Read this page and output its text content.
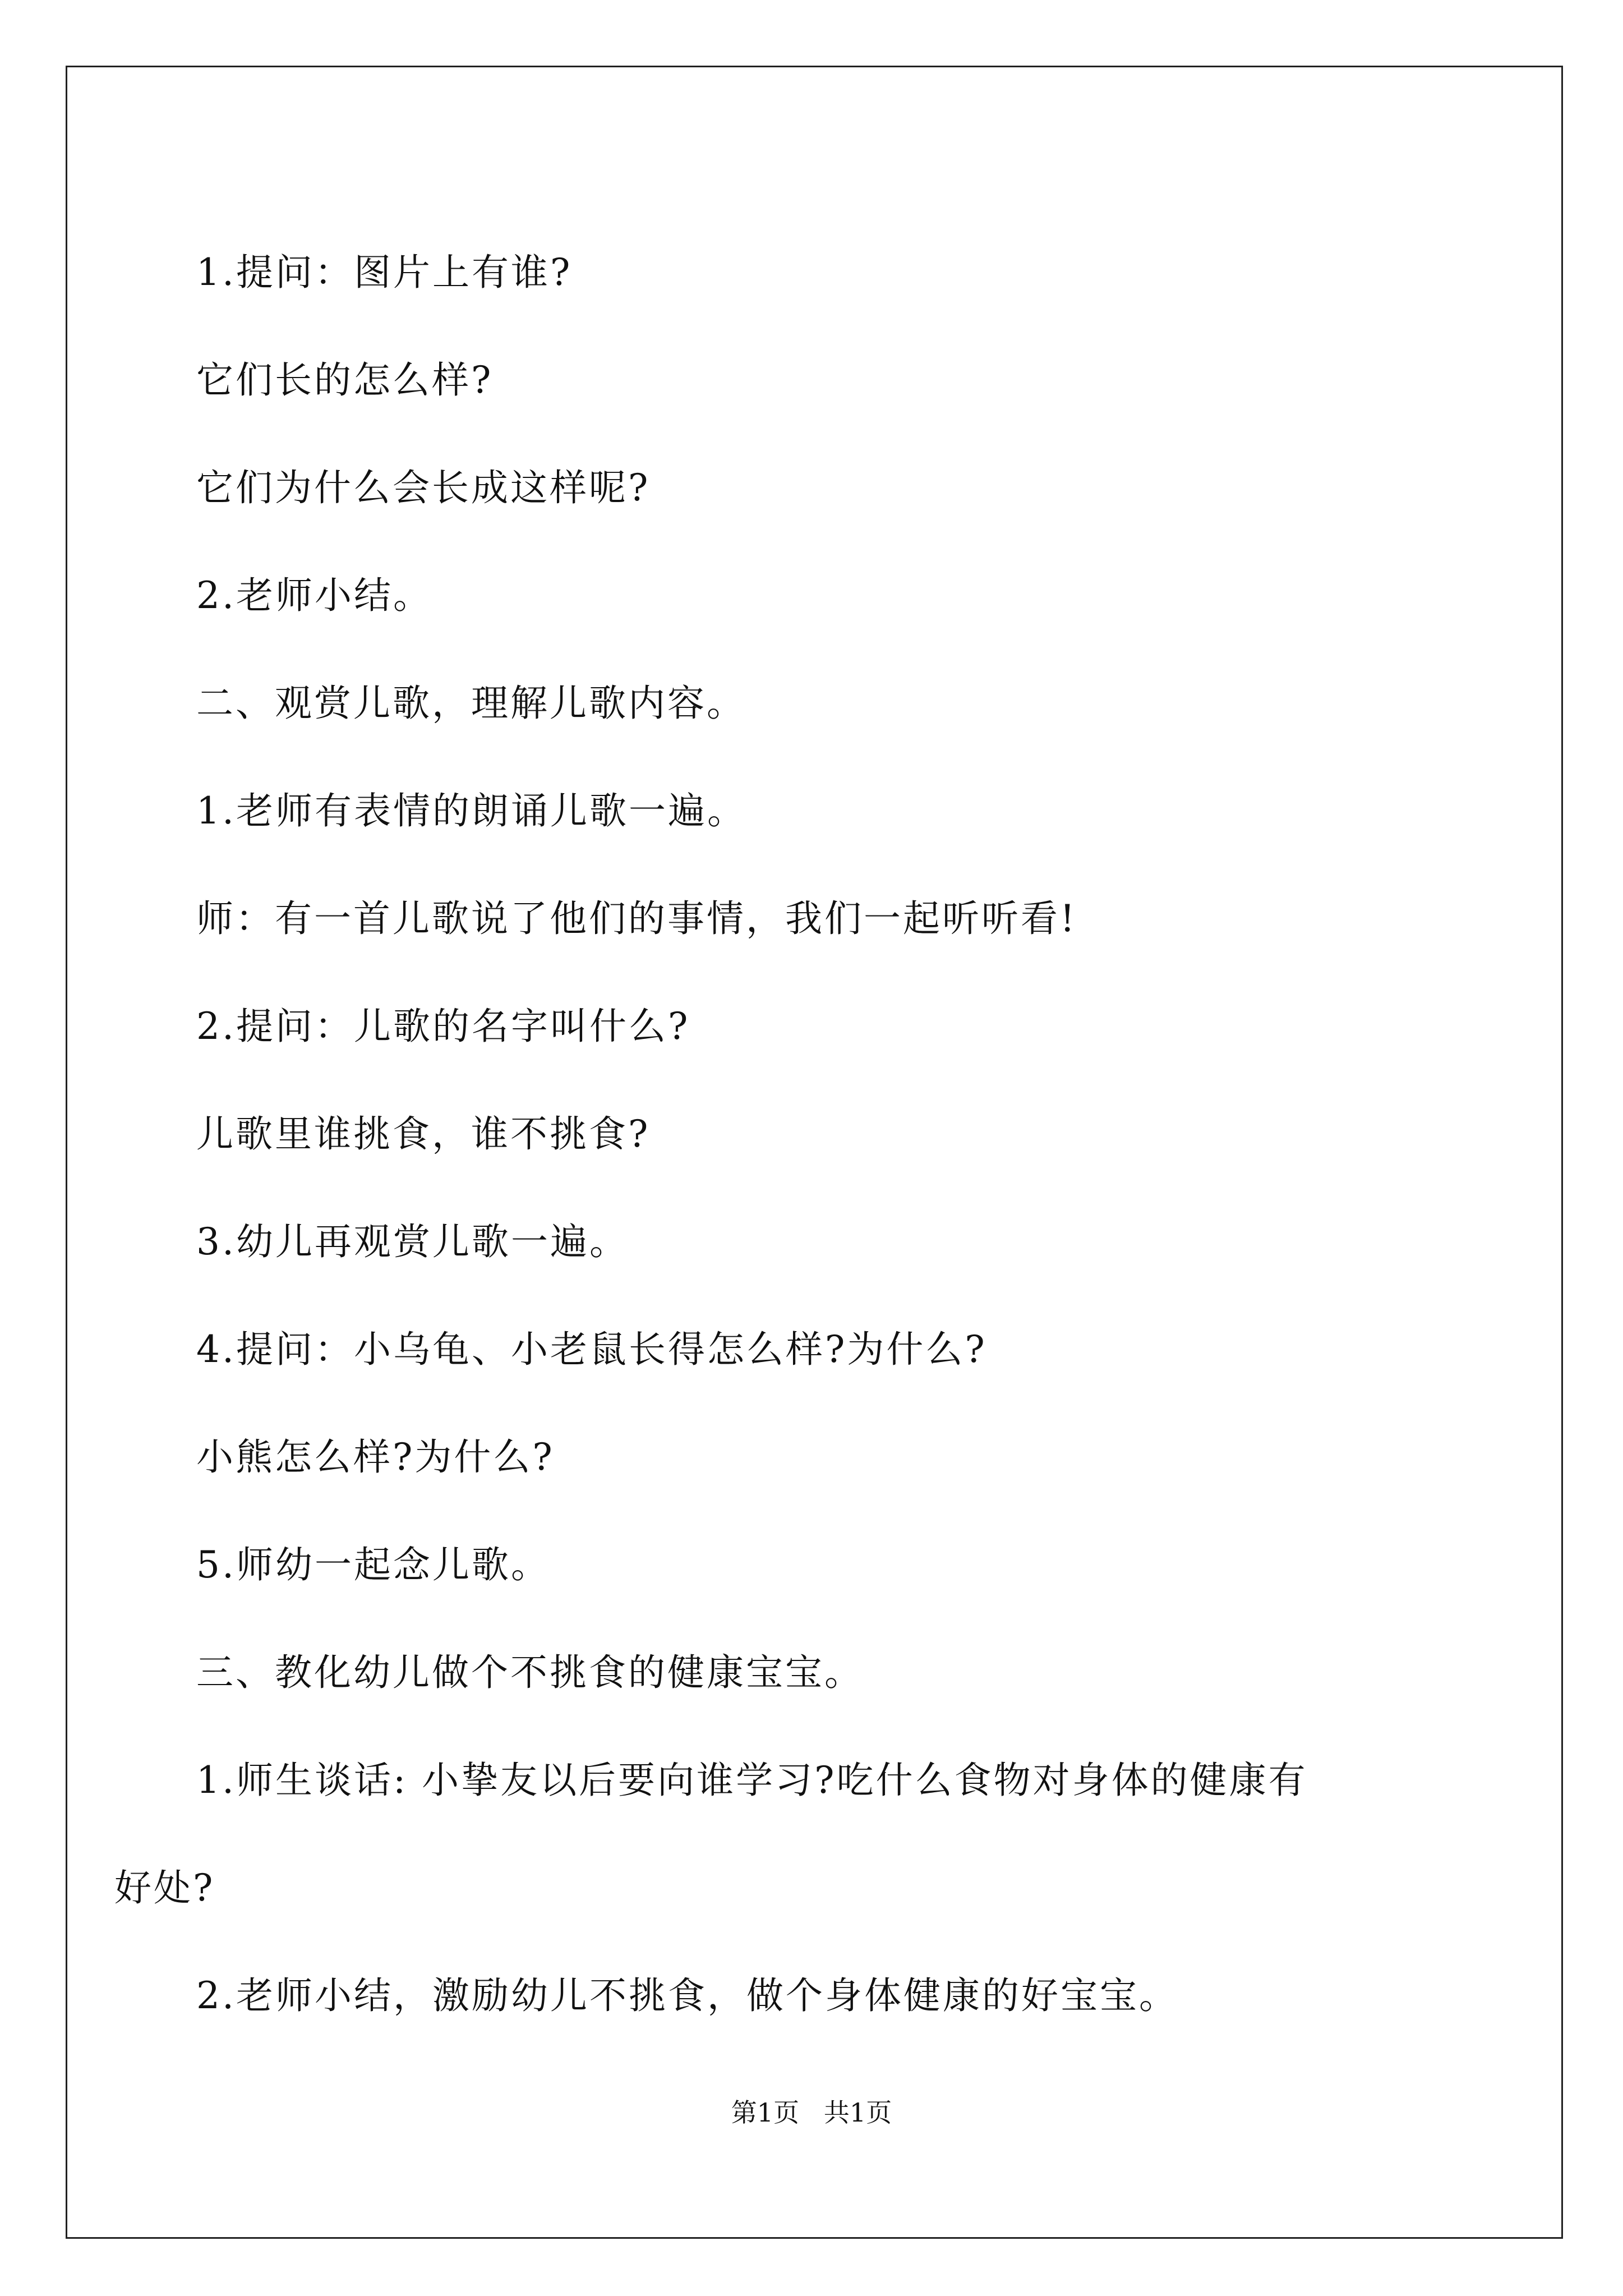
1.提问：图片上有谁?

它们长的怎么样?

它们为什么会长成这样呢?

2.老师小结。

二、观赏儿歌，理解儿歌内容。

1.老师有表情的朗诵儿歌一遍。

师：有一首儿歌说了他们的事情，我们一起听听看!

2.提问：儿歌的名字叫什么?

儿歌里谁挑食，谁不挑食?

3.幼儿再观赏儿歌一遍。

4.提问：小乌龟、小老鼠长得怎么样?为什么?

小熊怎么样?为什么?

5.师幼一起念儿歌。

三、教化幼儿做个不挑食的健康宝宝。

1.师生谈话: 小挚友以后要向谁学习?吃什么食物对身体的健康有

好处?

2.老师小结，激励幼儿不挑食，做个身体健康的好宝宝。

第1页   共1页
